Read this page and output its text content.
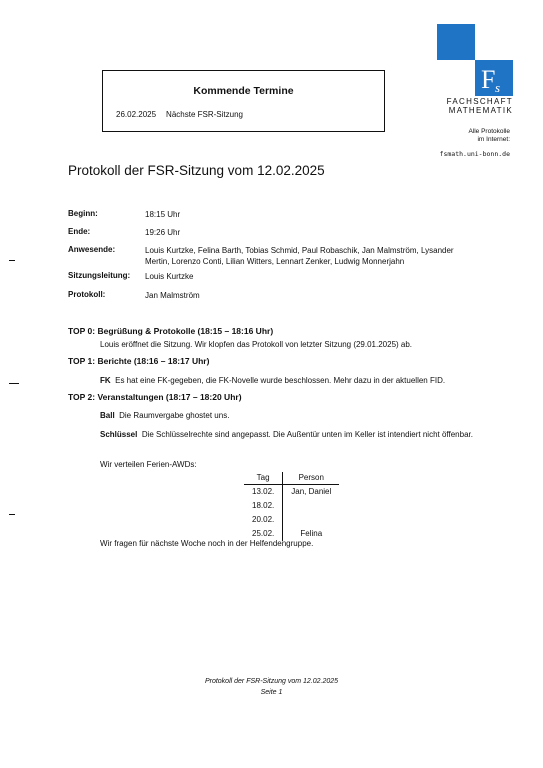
Kommende Termine
26.02.2025 Nächste FSR-Sitzung
F s
FACHSCHAFT
MATHEMATIK
Alle Protokolle
im Internet:
fsmath.uni-bonn.de
Protokoll der FSR-Sitzung vom 12.02.2025
Beginn:	18:15 Uhr
Ende:	19:26 Uhr
Anwesende:	Louis Kurtzke, Felina Barth, Tobias Schmid, Paul Robaschik, Jan Malmström, Lysander Mertin, Lorenzo Conti, Lilian Witters, Lennart Zenker, Ludwig Monnerjahn
Sitzungsleitung: Louis Kurtzke
Protokoll:	Jan Malmström
TOP 0: Begrüßung & Protokolle (18:15 – 18:16 Uhr)
Louis eröffnet die Sitzung. Wir klopfen das Protokoll von letzter Sitzung (29.01.2025) ab.
TOP 1: Berichte (18:16 – 18:17 Uhr)
FK Es hat eine FK-gegeben, die FK-Novelle wurde beschlossen. Mehr dazu in der aktuellen FID.
TOP 2: Veranstaltungen (18:17 – 18:20 Uhr)
Ball Die Raumvergabe ghostet uns.
Schlüssel Die Schlüsselrechte sind angepasst. Die Außentür unten im Keller ist intendiert nicht öffenbar.
Wir verteilen Ferien-AWDs:
Tag	Person
13.02.	Jan, Daniel
18.02.	
20.02.	
25.02.	Felina
Wir fragen für nächste Woche noch in der Helfendengruppe.
Protokoll der FSR-Sitzung vom 12.02.2025
Seite 1
